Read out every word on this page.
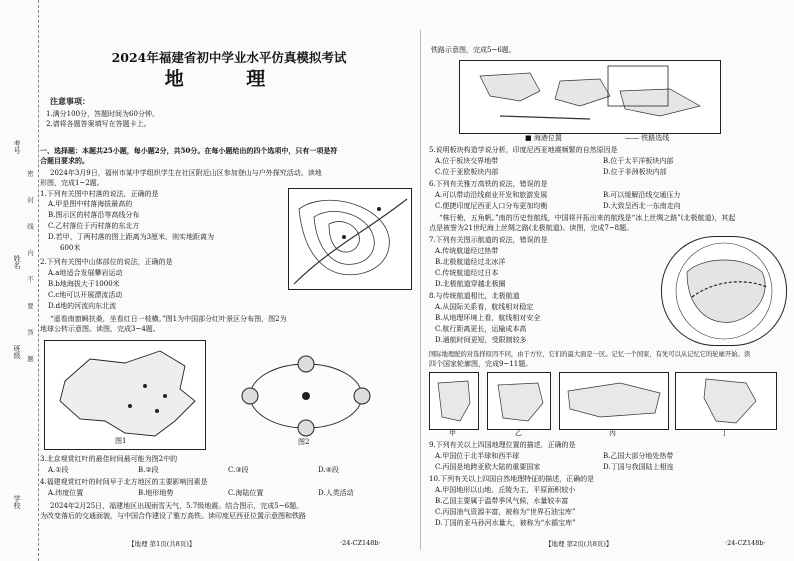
考号
姓名
班级
学校
密封线内不要答题
2024年福建省初中学业水平仿真模拟考试
地 理
注意事项：
1.满分100分，答题时间为60分钟。
2.请将各题答案填写在答题卡上。
一、选择题：本题共25小题，每小题2分，共50分。在每小题给出的四个选项中，只有一项是符
合题目要求的。
2024年3月9日，福州市某中学组织学生在社区附近山区参加登山与户外探究活动。读地
形图，完成1~2题。
1.下列有关图中村落的说法，正确的是
A.甲是图中村落海拔最高的
B.图示区的村落沿等高线分布
C.乙村落位于丙村落的东北方
D.若甲、丁两村落的图上距离为3厘米，则实地距离为
600米
2.下列有关图中山体部位的说法，正确的是
A.a地适合发展攀岩运动
B.b地海拔大于1000米
C.c地可以开展漂流活动
D.d地的河流向东北流
“遥看南窗瞬扶桑，坐看红日一枝横。”图1为中国部分红叶景区分布图，图2为
地球公转示意图。读图，完成3~4题。
图1	图2
3.北京观赏红叶的最佳时间最可能为图2中的
A.①段	B.②段	C.③段	D.④段
4.福建观赏红叶的时间早于北方地区的主要影响因素是
A.纬度位置	B.地形地势	C.海陆位置	D.人类活动
2024年2月25日，福建地区出现雨雪天气，5.7级地震。结合图示，完成5~6题。
为改变落后的交通面貌，与中国合作建设了雅万高铁。读印度尼西亚位置示意图和铁路
【地理 第1页(共8页)】	·24-CZ148b·
铁路示意图，完成5~6题。
■ 海港位置	—— 铁路选线
5.说明板块构造学说分析，印度尼西亚地震频繁的自然原因是
A.位于板块交界地带	B.位于太平洋板块内部
C.位于亚欧板块内部	D.位于非洲板块内部
6.下列有关雅万高铁的说法，错误的是
A.可以带动沿线商业开发和旅游发展	B.可以缓解沿线交通压力
C.便捷印度尼西亚人口分布更加均衡	D.大致呈西北一东南走向
“株行桅，五角帆。”南的历史性航线，中国将开拓出来的航线是“冰上丝绸之路”(北极航道)，其起
点是被誉为21世纪海上丝绸之路(北极航道)。读图，完成7~8题。
7.下列有关图示航道的说法，错误的是
A.传统航道经过热带
B.北极航道经过北冰洋
C.传统航道经过日本
D.北极航道穿越北极圈
8.与传统航道相比，北极航道
A.从国际关系看，航线相对稳定
B.从地理环境上看，航线相对安全
C.航行距离更长，运输成本高
D.通航时间更短，受限制较多
国际地理配的对选择原因不同，由于方位，它们的最大面是一区。记忆一个国家，有先可以从记忆它的轮廓开始。读
四个国家轮廓图，完成9~11题。
甲	乙	丙	丁
9.下列有关以上四国地理位置的描述，正确的是
A.甲国位于北半球和西半球	B.乙国大部分地处热带
C.丙国是地跨亚欧大陆的重要国家	D.丁国与我国陆上相连
10.下列有关以上四国自然地理特征的描述，正确的是
A.甲国地形以山地、丘陵为主，平原面积较小
B.乙国主要属于温带季风气候，水量较丰富
C.丙国油气资源丰富，被称为“世界石油宝库”
D.丁国的亚马孙河水量大，被称为“水循宝库”
【地理 第2页(共8页)】	·24-CZ148b·
